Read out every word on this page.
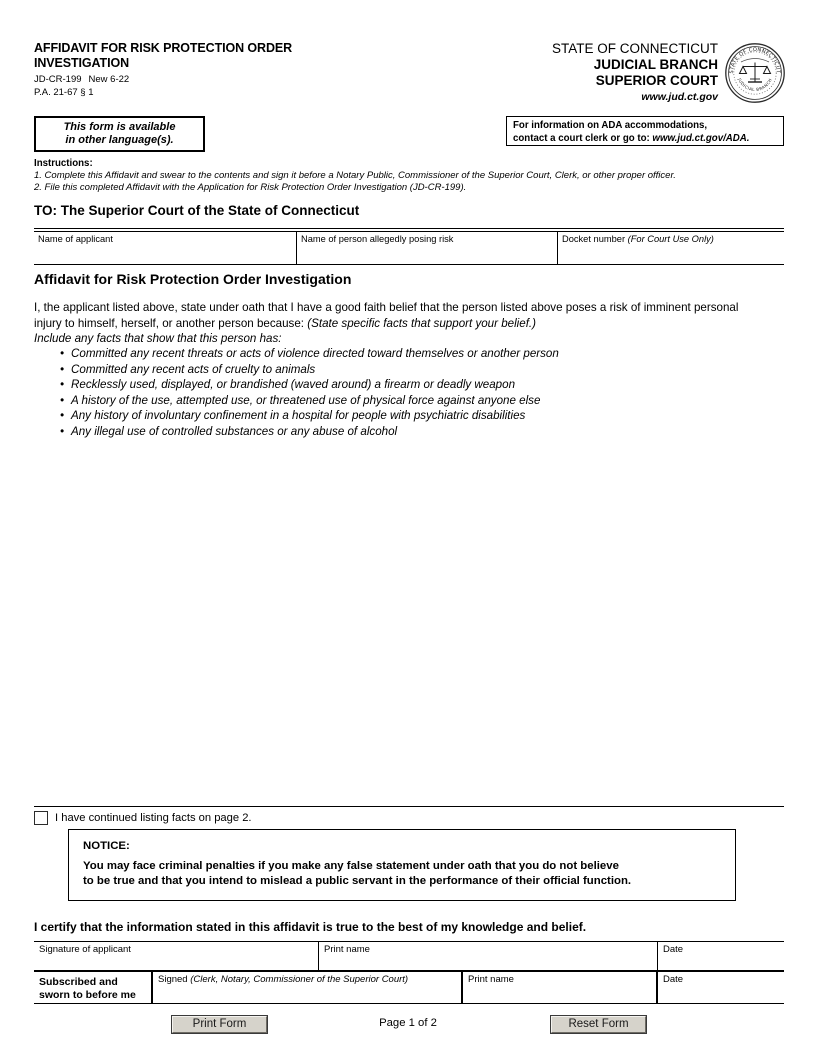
AFFIDAVIT FOR RISK PROTECTION ORDER
INVESTIGATION
JD-CR-199 New 6-22
P.A. 21-67 § 1
STATE OF CONNECTICUT
JUDICIAL BRANCH
SUPERIOR COURT
www.jud.ct.gov
STATE OF CONNECTICUT
JUDICIAL BRANCH
This form is available
in other language(s).
For information on ADA accommodations,
contact a court clerk or go to: www.jud.ct.gov/ADA.
Instructions:
1. Complete this Affidavit and swear to the contents and sign it before a Notary Public, Commissioner of the Superior Court, Clerk, or other proper officer.
2. File this completed Affidavit with the Application for Risk Protection Order Investigation (JD-CR-199).
TO: The Superior Court of the State of Connecticut
Name of applicant	Name of person allegedly posing risk	Docket number (For Court Use Only)
Affidavit for Risk Protection Order Investigation
I, the applicant listed above, state under oath that I have a good faith belief that the person listed above poses a risk of imminent personal injury to himself, herself, or another person because: (State specific facts that support your belief.)
Include any facts that show that this person has:
• Committed any recent threats or acts of violence directed toward themselves or another person
• Committed any recent acts of cruelty to animals
• Recklessly used, displayed, or brandished (waved around) a firearm or deadly weapon
• A history of the use, attempted use, or threatened use of physical force against anyone else
• Any history of involuntary confinement in a hospital for people with psychiatric disabilities
• Any illegal use of controlled substances or any abuse of alcohol
I have continued listing facts on page 2.
NOTICE:
You may face criminal penalties if you make any false statement under oath that you do not believe
to be true and that you intend to mislead a public servant in the performance of their official function.
I certify that the information stated in this affidavit is true to the best of my knowledge and belief.
Signature of applicant	Print name	Date
Subscribed and
sworn to before me
Signed (Clerk, Notary, Commissioner of the Superior Court)	Print name	Date
Print Form	Page 1 of 2	Reset Form
